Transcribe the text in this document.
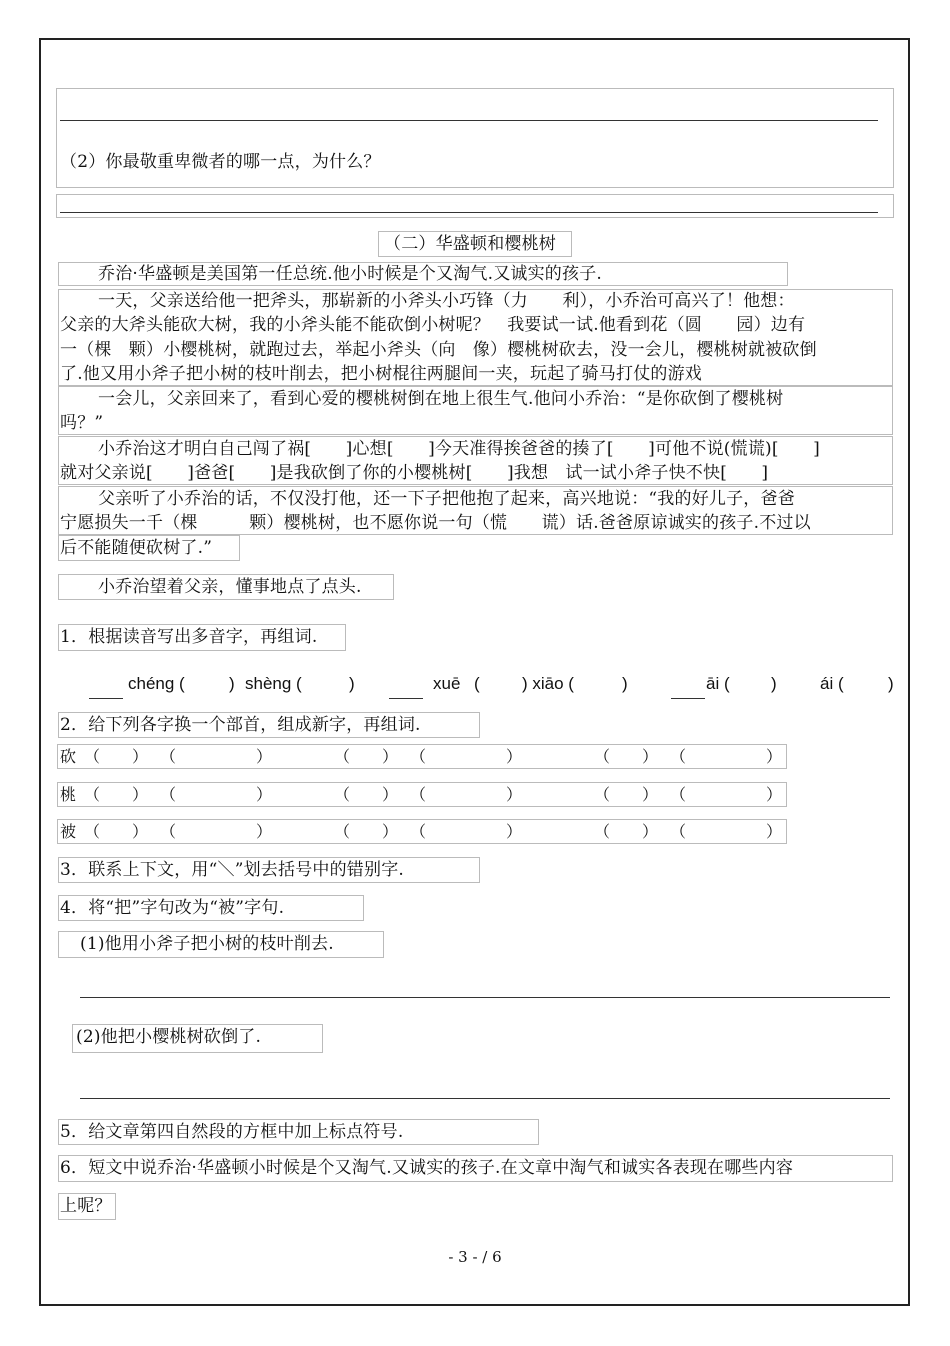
（2）你最敬重卑微者的哪一点，为什么？
（二）华盛顿和樱桃树
乔治·华盛顿是美国第一任总统.他小时候是个又淘气.又诚实的孩子.
一天，父亲送给他一把斧头，那崭新的小斧头小巧锋（力　　利），小乔治可高兴了！他想：
父亲的大斧头能砍大树，我的小斧头能不能砍倒小树呢？　我要试一试.他看到花（圆　　园）边有
一（棵　颗）小樱桃树，就跑过去，举起小斧头（向　像）樱桃树砍去，没一会儿，樱桃树就被砍倒
了.他又用小斧子把小树的枝叶削去，把小树棍往两腿间一夹，玩起了骑马打仗的游戏
一会儿，父亲回来了，看到心爱的樱桃树倒在地上很生气.他问小乔治：“是你砍倒了樱桃树
吗？”
小乔治这才明白自己闯了祸[　　]心想[　　]今天准得挨爸爸的揍了[　　]可他不说(慌谎)[　　]
就对父亲说[　　]爸爸[　　]是我砍倒了你的小樱桃树[　　]我想　试一试小斧子快不快[　　]
父亲听了小乔治的话，不仅没打他，还一下子把他抱了起来，高兴地说：“我的好儿子，爸爸
宁愿损失一千（棵　　　颗）樱桃树，也不愿你说一句（慌　　谎）话.爸爸原谅诚实的孩子.不过以
后不能随便砍树了.”
小乔治望着父亲，懂事地点了点头.
1．根据读音写出多音字，再组词.
chéng (	) shèng (	)	xuē ( ) xiāo (	)	āi ( )	ái (	)
2．给下列各字换一个部首，组成新字，再组词.
砍 （ ） （	）	（ ） （	）	（ ） （	）
桃 （ ） （	）	（ ） （	）	（ ） （	）
被 （ ） （	）	（ ） （	）	（ ） （	）
3．联系上下文，用“＼”划去括号中的错别字.
4．将“把”字句改为“被”字句.
(1)他用小斧子把小树的枝叶削去.
(2)他把小樱桃树砍倒了.
5．给文章第四自然段的方框中加上标点符号.
6．短文中说乔治·华盛顿小时候是个又淘气.又诚实的孩子.在文章中淘气和诚实各表现在哪些内容
上呢？
- 3 - / 6
